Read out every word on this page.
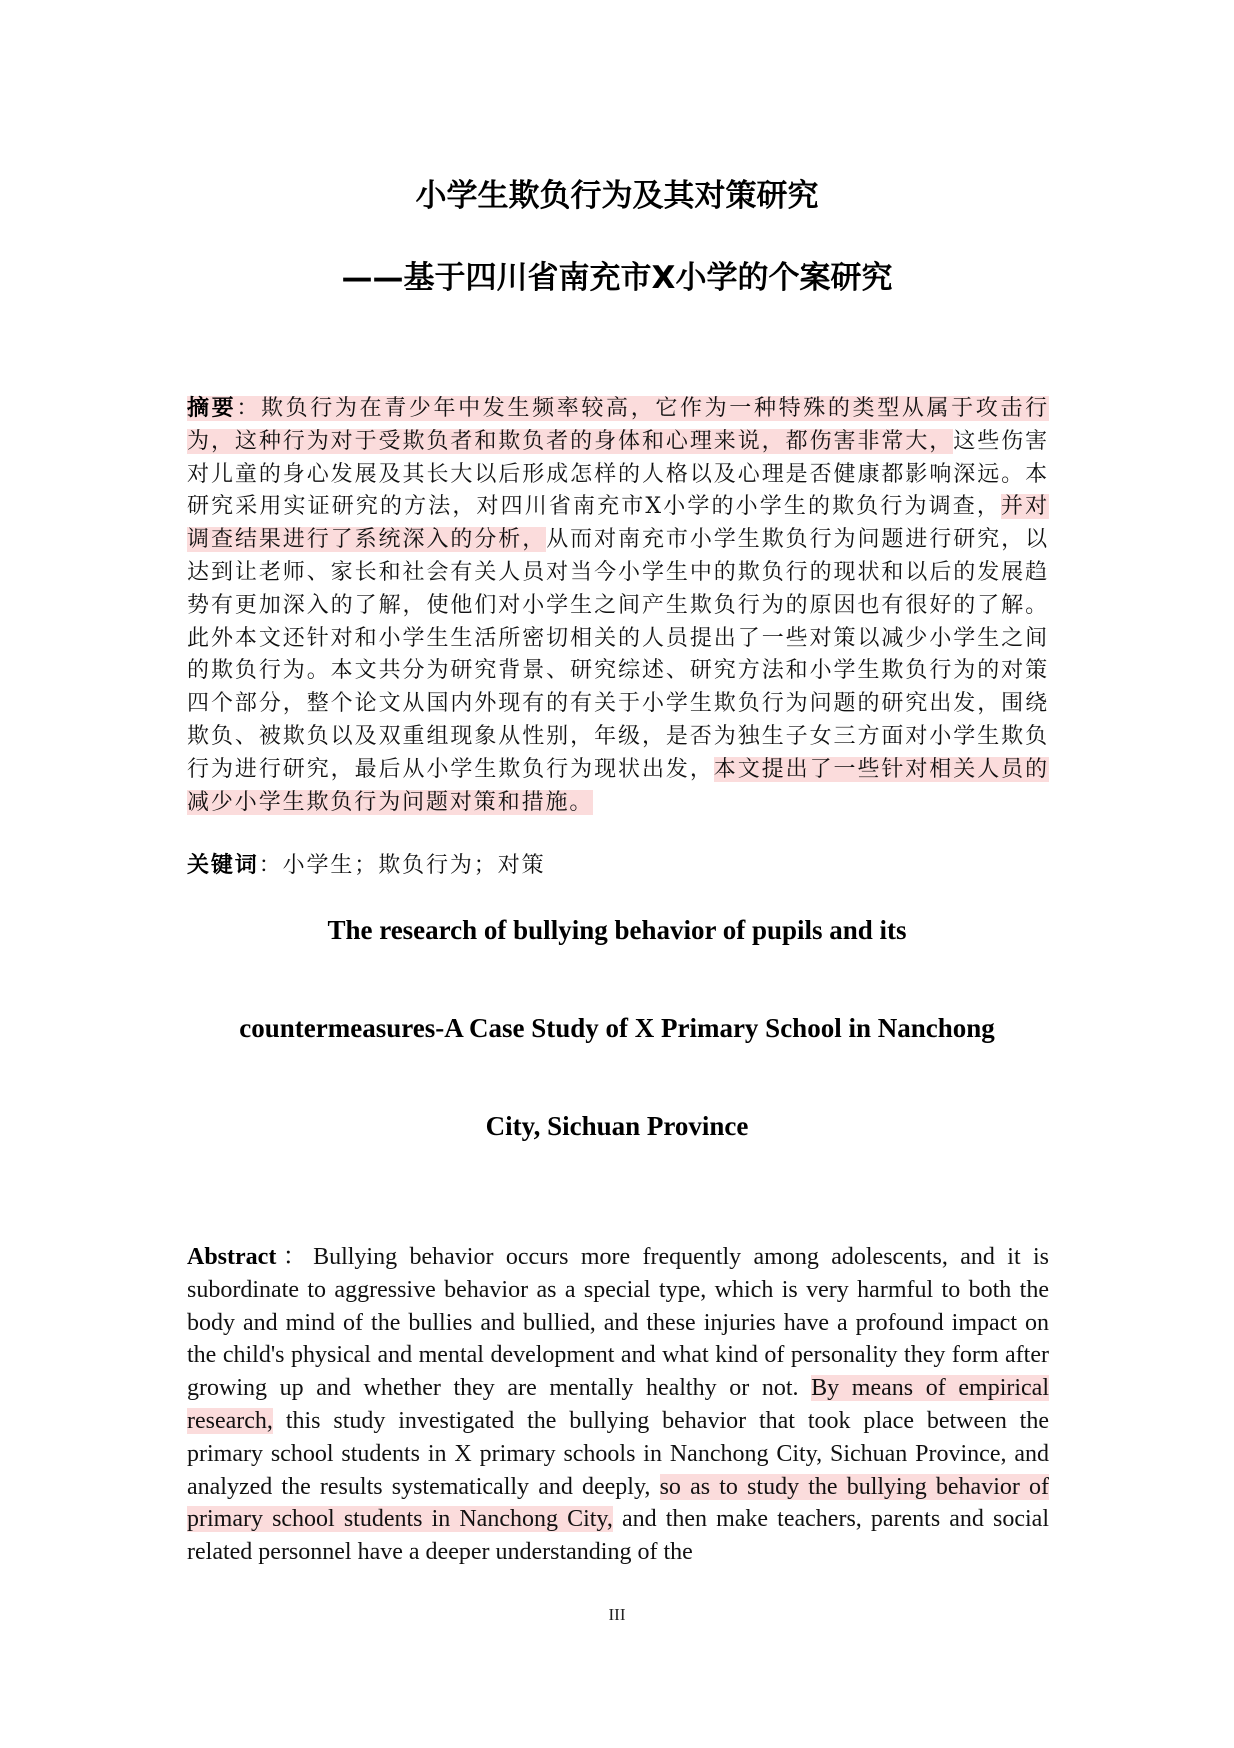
小学生欺负行为及其对策研究
——基于四川省南充市X小学的个案研究

摘要：欺负行为在青少年中发生频率较高，它作为一种特殊的类型从属于攻击行为，这种行为对于受欺负者和欺负者的身体和心理来说，都伤害非常大，这些伤害对儿童的身心发展及其长大以后形成怎样的人格以及心理是否健康都影响深远。本研究采用实证研究的方法，对四川省南充市X小学的小学生的欺负行为调查，并对调查结果进行了系统深入的分析，从而对南充市小学生欺负行为问题进行研究，以达到让老师、家长和社会有关人员对当今小学生中的欺负行的现状和以后的发展趋势有更加深入的了解，使他们对小学生之间产生欺负行为的原因也有很好的了解。此外本文还针对和小学生生活所密切相关的人员提出了一些对策以减少小学生之间的欺负行为。本文共分为研究背景、研究综述、研究方法和小学生欺负行为的对策四个部分，整个论文从国内外现有的有关于小学生欺负行为问题的研究出发，围绕欺负、被欺负以及双重组现象从性别，年级，是否为独生子女三方面对小学生欺负行为进行研究，最后从小学生欺负行为现状出发，本文提出了一些针对相关人员的减少小学生欺负行为问题对策和措施。

关键词：小学生；欺负行为；对策

The research of bullying behavior of pupils and its
countermeasures-A Case Study of X Primary School in Nanchong
City, Sichuan Province

Abstract：Bullying behavior occurs more frequently among adolescents, and it is subordinate to aggressive behavior as a special type, which is very harmful to both the body and mind of the bullies and bullied, and these injuries have a profound impact on the child's physical and mental development and what kind of personality they form after growing up and whether they are mentally healthy or not. By means of empirical research, this study investigated the bullying behavior that took place between the primary school students in X primary schools in Nanchong City, Sichuan Province, and analyzed the results systematically and deeply, so as to study the bullying behavior of primary school students in Nanchong City, and then make teachers, parents and social related personnel have a deeper understanding of the

III
